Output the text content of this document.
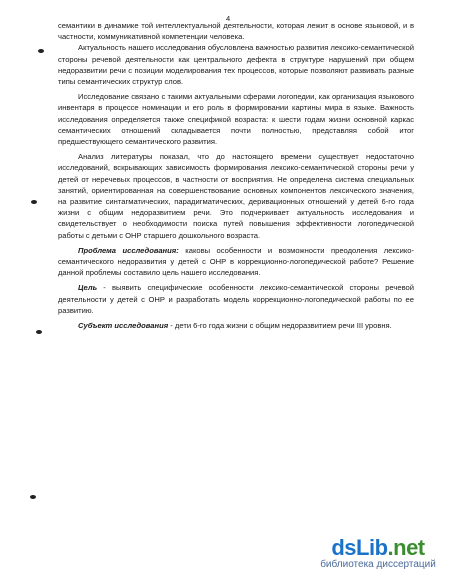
4

семантики в динамике той интеллектуальной деятельности, которая лежит в основе языковой, и в частности, коммуникативной компетенции человека.

Актуальность нашего исследования обусловлена важностью развития лексико-семантической стороны речевой деятельности как центрального дефекта в структуре нарушений при общем недоразвитии речи с позиции моделирования тех процессов, которые позволяют развивать разные типы семантических структур слов.

Исследование связано с такими актуальными сферами логопедии, как организация языкового инвентаря в процессе номинации и его роль в формировании картины мира в языке. Важность исследования определяется также спецификой возраста: к шести годам жизни основной каркас семантических отношений складывается почти полностью, представляя собой итог предшествующего семантического развития.

Анализ литературы показал, что до настоящего времени существует недостаточно исследований, вскрывающих зависимость формирования лексико-семантической стороны речи у детей от неречевых процессов, в частности от восприятия. Не определена система специальных занятий, ориентированная на совершенствование основных компонентов лексического значения, на развитие синтагматических, парадигматических, деривационных отношений у детей 6-го года жизни с общим недоразвитием речи. Это подчеркивает актуальность исследования и свидетельствует о необходимости поиска путей повышения эффективности логопедической работы с детьми с ОНР старшего дошкольного возраста.

Проблема исследования: каковы особенности и возможности преодоления лексико-семантического недоразвития у детей с ОНР в коррекционно-логопедической работе? Решение данной проблемы составило цель нашего исследования.

Цель - выявить специфические особенности лексико-семантической стороны речевой деятельности у детей с ОНР и разработать модель коррекционно-логопедической работы по ее развитию.

Субъект исследования - дети 6-го года жизни с общим недоразвитием речи III уровня.

dsLib.net
библиотека диссертаций
